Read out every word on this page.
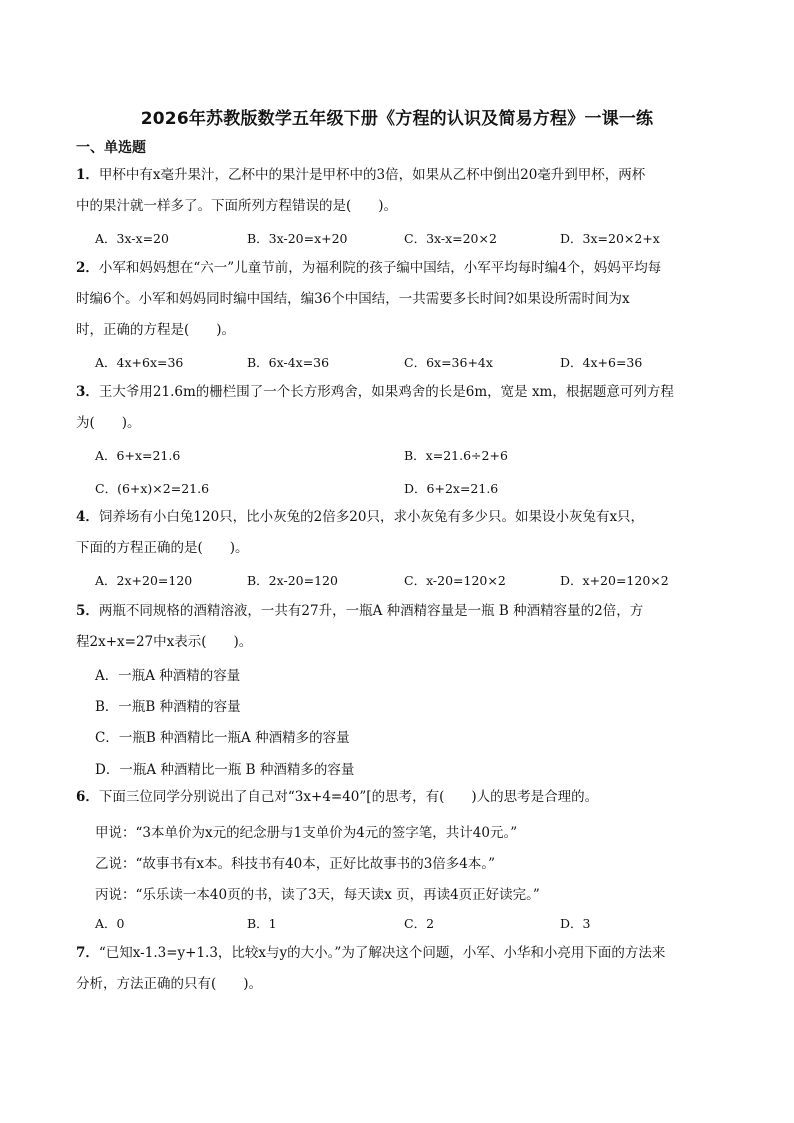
2026年苏教版数学五年级下册《方程的认识及简易方程》一课一练
一、单选题
1．甲杯中有x毫升果汁，乙杯中的果汁是甲杯中的3倍，如果从乙杯中倒出20毫升到甲杯，两杯
中的果汁就一样多了。下面所列方程错误的是(　　)。
A．3x-x=20	B．3x-20=x+20	C．3x-x=20×2	D．3x=20×2+x
2．小军和妈妈想在“六一”儿童节前，为福利院的孩子编中国结，小军平均每时编4个，妈妈平均每
时编6个。小军和妈妈同时编中国结，编36个中国结，一共需要多长时间?如果设所需时间为x
时，正确的方程是(　　)。
A．4x+6x=36	B．6x-4x=36	C．6x=36+4x	D．4x+6=36
3．王大爷用21.6m的栅栏围了一个长方形鸡舍，如果鸡舍的长是6m，宽是 xm，根据题意可列方程
为(　　)。
A．6+x=21.6	B．x=21.6÷2+6
C．(6+x)×2=21.6	D．6+2x=21.6
4．饲养场有小白兔120只，比小灰兔的2倍多20只，求小灰兔有多少只。如果设小灰兔有x只，
下面的方程正确的是(　　)。
A．2x+20=120	B．2x-20=120	C．x-20=120×2	D．x+20=120×2
5．两瓶不同规格的酒精溶液，一共有27升，一瓶A 种酒精容量是一瓶 B 种酒精容量的2倍，方
程2x+x=27中x表示(　　)。
A．一瓶A 种酒精的容量
B．一瓶B 种酒精的容量
C．一瓶B 种酒精比一瓶A 种酒精多的容量
D．一瓶A 种酒精比一瓶 B 种酒精多的容量
6．下面三位同学分别说出了自己对“3x+4=40”[的思考，有(　　)人的思考是合理的。
甲说：“3本单价为x元的纪念册与1支单价为4元的签字笔，共计40元。”
乙说：“故事书有x本。科技书有40本，正好比故事书的3倍多4本。”
丙说：“乐乐读一本40页的书，读了3天，每天读x 页，再读4页正好读完。”
A．0	B．1	C．2	D．3
7．“已知x-1.3=y+1.3，比较x与y的大小。”为了解决这个问题，小军、小华和小亮用下面的方法来
分析，方法正确的只有(　　)。
